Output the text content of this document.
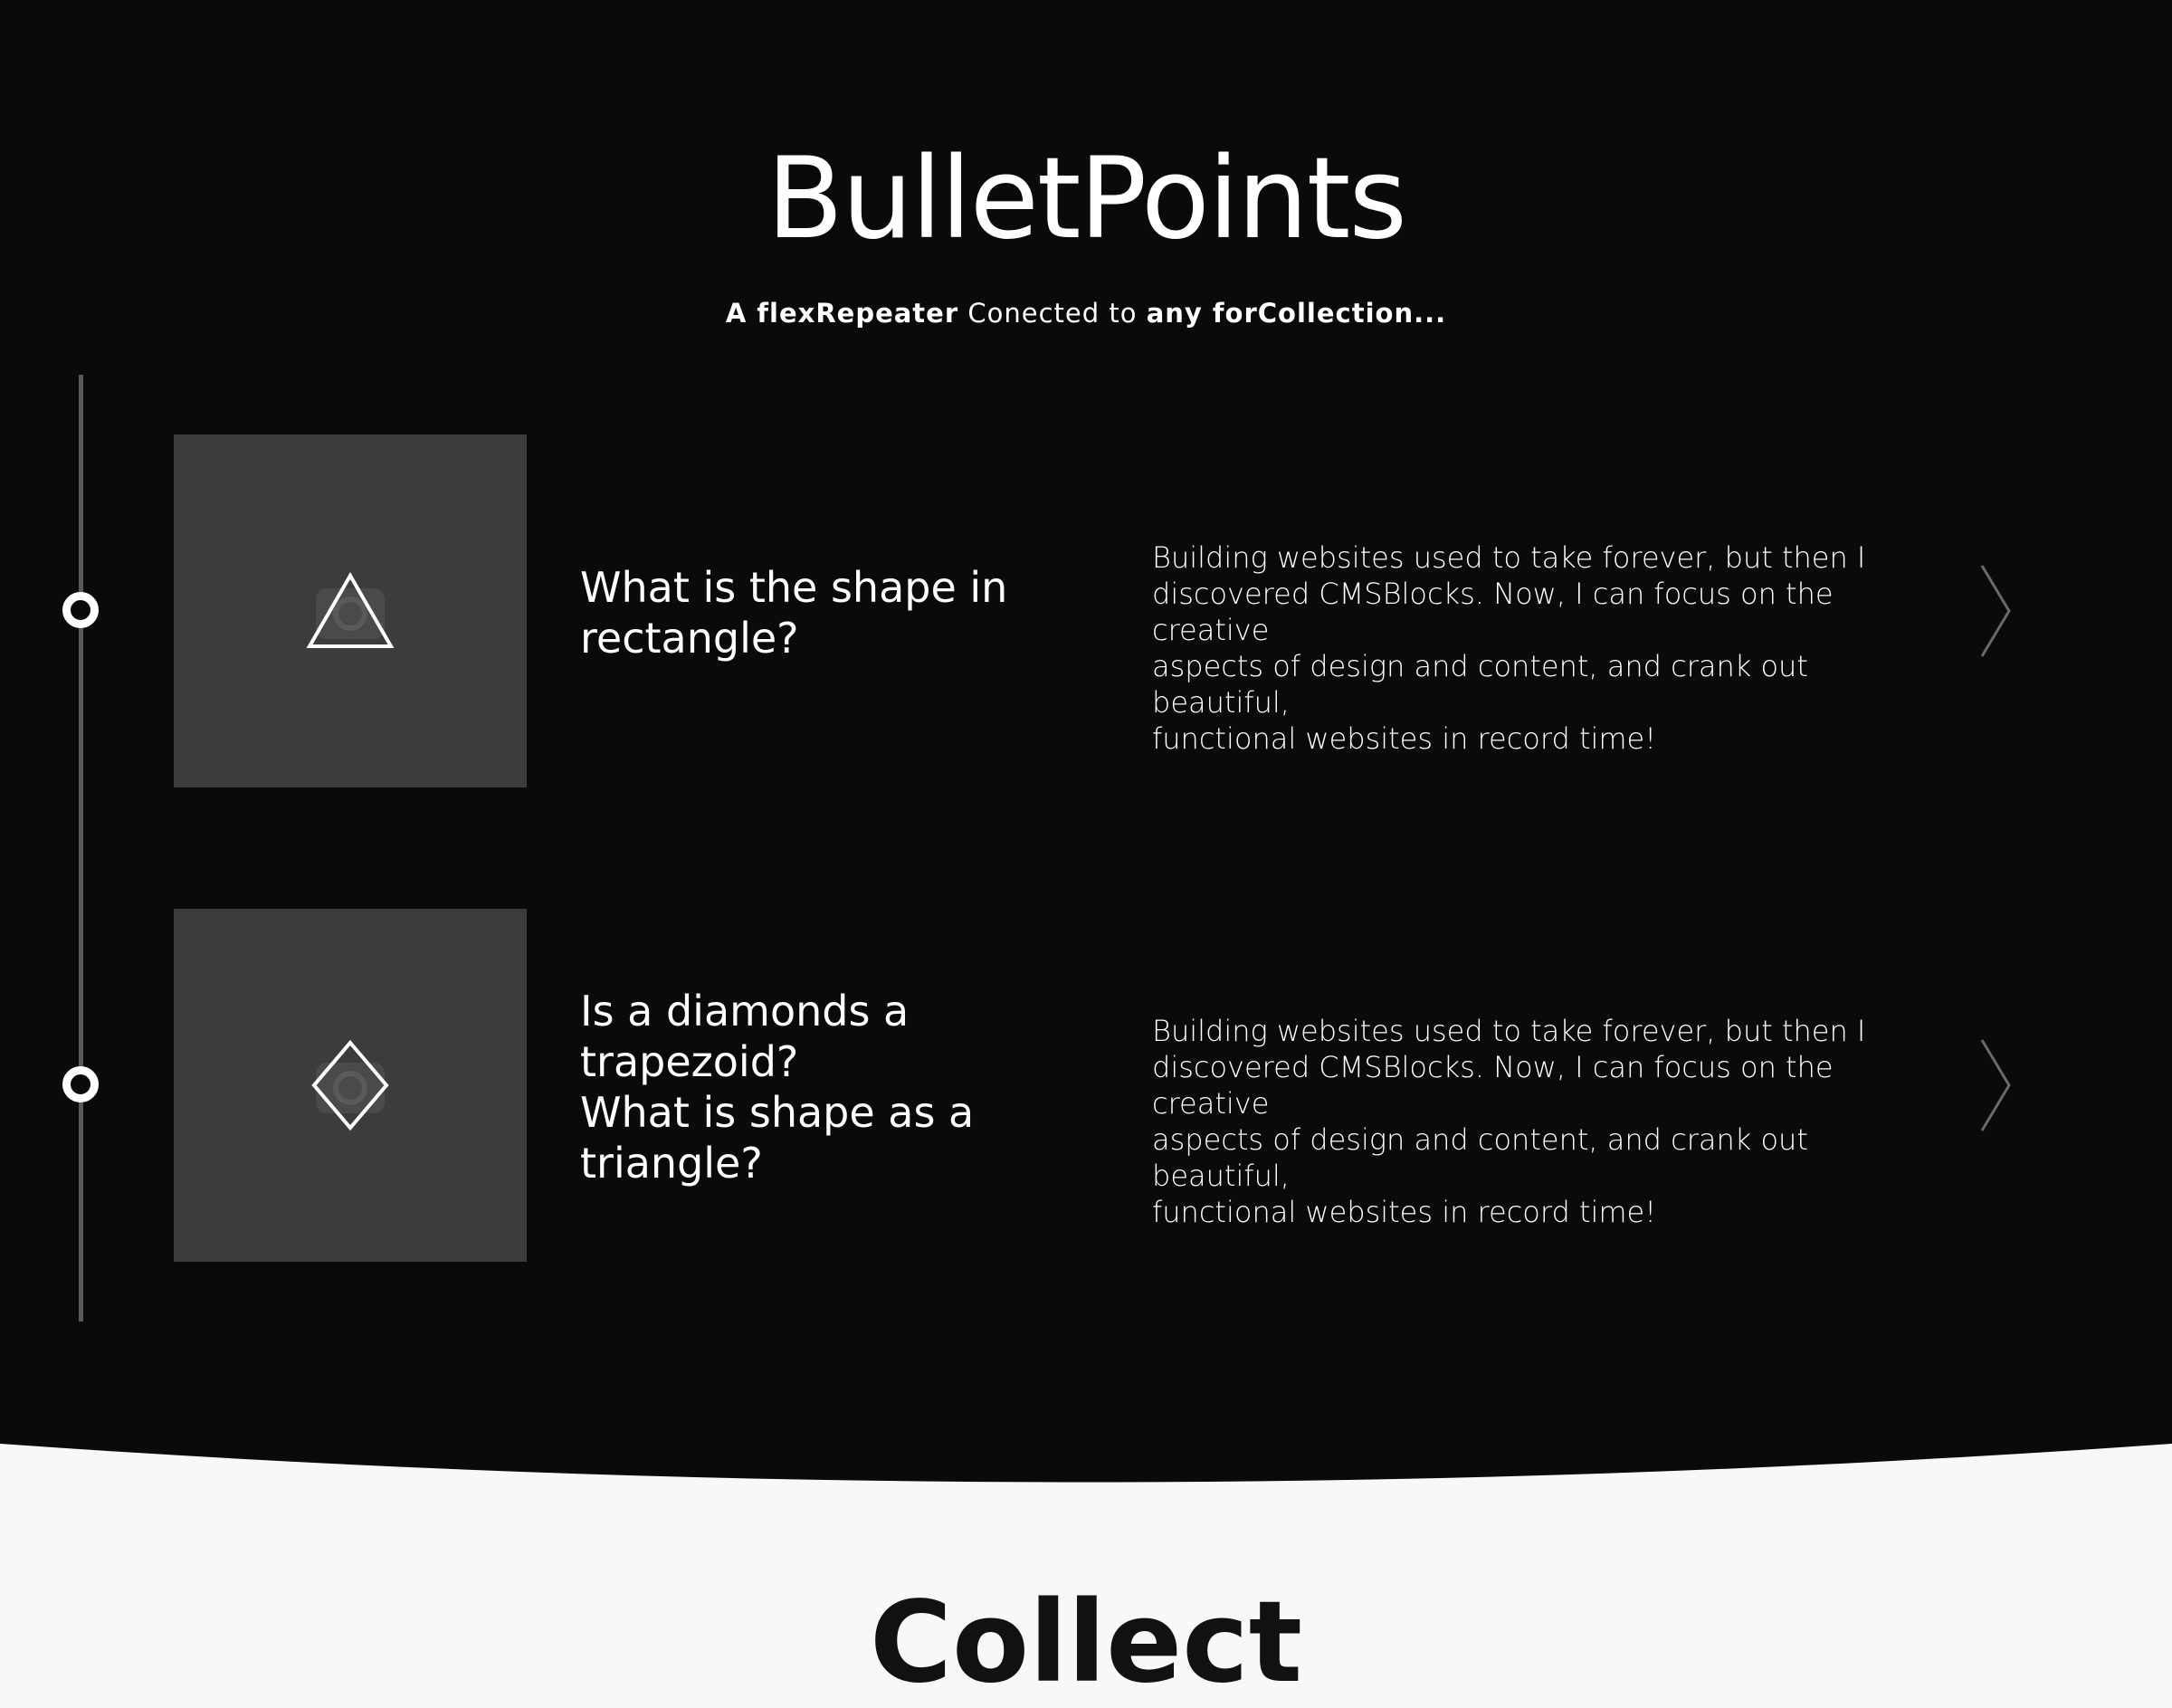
BulletPoints

A flexRepeater Conected to any forCollection...

What is the shape in
rectangle?
Building websites used to take forever, but then I
discovered CMSBlocks. Now, I can focus on the creative
aspects of design and content, and crank out beautiful,
functional websites in record time!
Is a diamonds a
trapezoid?
What is shape as a
triangle?
Building websites used to take forever, but then I
discovered CMSBlocks. Now, I can focus on the creative
aspects of design and content, and crank out beautiful,
functional websites in record time!
Collect
